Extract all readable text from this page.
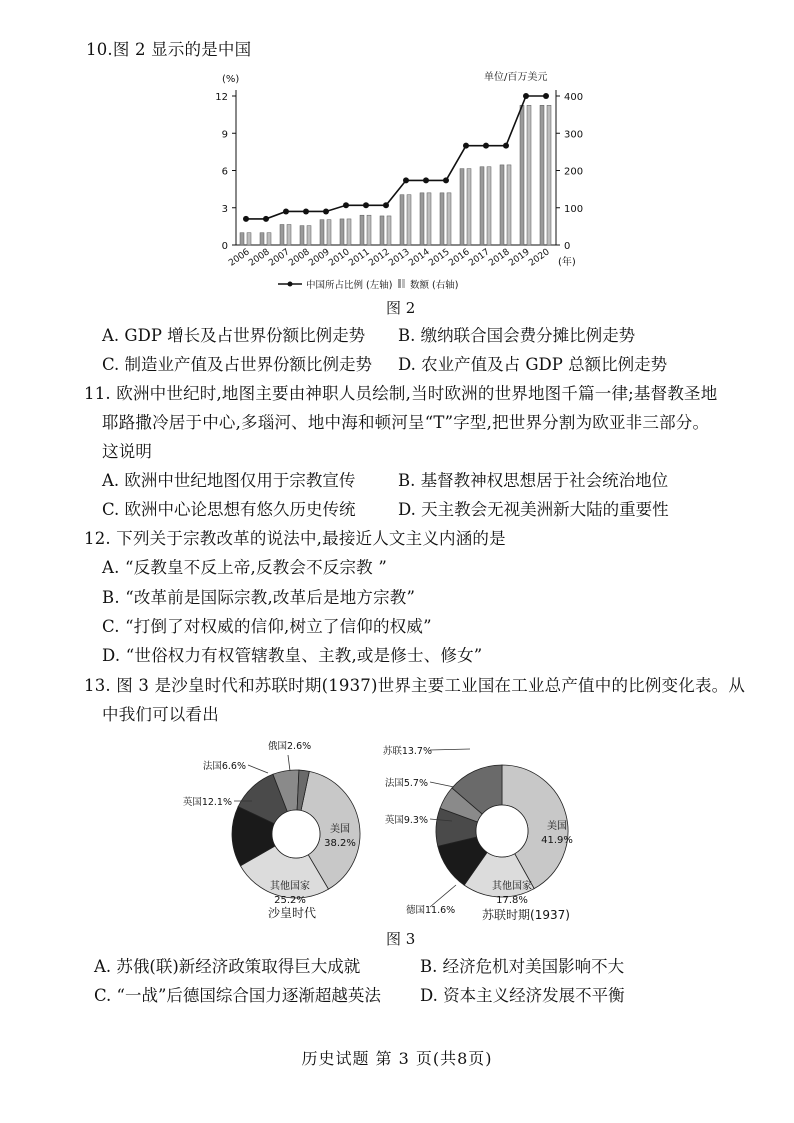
10.图 2 显示的是中国
(%)	单位/百万美元
0
3
6
9
12
0
100
200
300
400
2006
2008
2007
2008
2009
2010
2011
2012
2013
2014
2015
2016
2017
2018
2019
2020 (年)
中国所占比例 (左轴) 数额 (右轴)
图 2
A. GDP 增长及占世界份额比例走势 B. 缴纳联合国会费分摊比例走势
C. 制造业产值及占世界份额比例走势 D. 农业产值及占 GDP 总额比例走势
11. 欧洲中世纪时,地图主要由神职人员绘制,当时欧洲的世界地图千篇一律;基督教圣地
耶路撒冷居于中心,多瑙河、地中海和顿河呈“T”字型,把世界分割为欧亚非三部分。
这说明
A. 欧洲中世纪地图仅用于宗教宣传	B. 基督教神权思想居于社会统治地位
C. 欧洲中心论思想有悠久历史传统	D. 天主教会无视美洲新大陆的重要性
12. 下列关于宗教改革的说法中,最接近人文主义内涵的是
A. “反教皇不反上帝,反教会不反宗教 ”
B. “改革前是国际宗教,改革后是地方宗教”
C. “打倒了对权威的信仰,树立了信仰的权威”
D. “世俗权力有权管辖教皇、主教,或是修士、修女”
13. 图 3 是沙皇时代和苏联时期(1937)世界主要工业国在工业总产值中的比例变化表。从
中我们可以看出
美国
38.2%
其他国家
25.2%
英国12.1%
法国6.6%
俄国2.6%
沙皇时代
美国
41.9%
其他国家
17.8%
德国11.6%
英国9.3%
法国5.7%
苏联13.7%
苏联时期(1937)
图 3
A. 苏俄(联)新经济政策取得巨大成就	B. 经济危机对美国影响不大
C. “一战”后德国综合国力逐渐超越英法 D. 资本主义经济发展不平衡
历史试题 第 3 页(共8页)
